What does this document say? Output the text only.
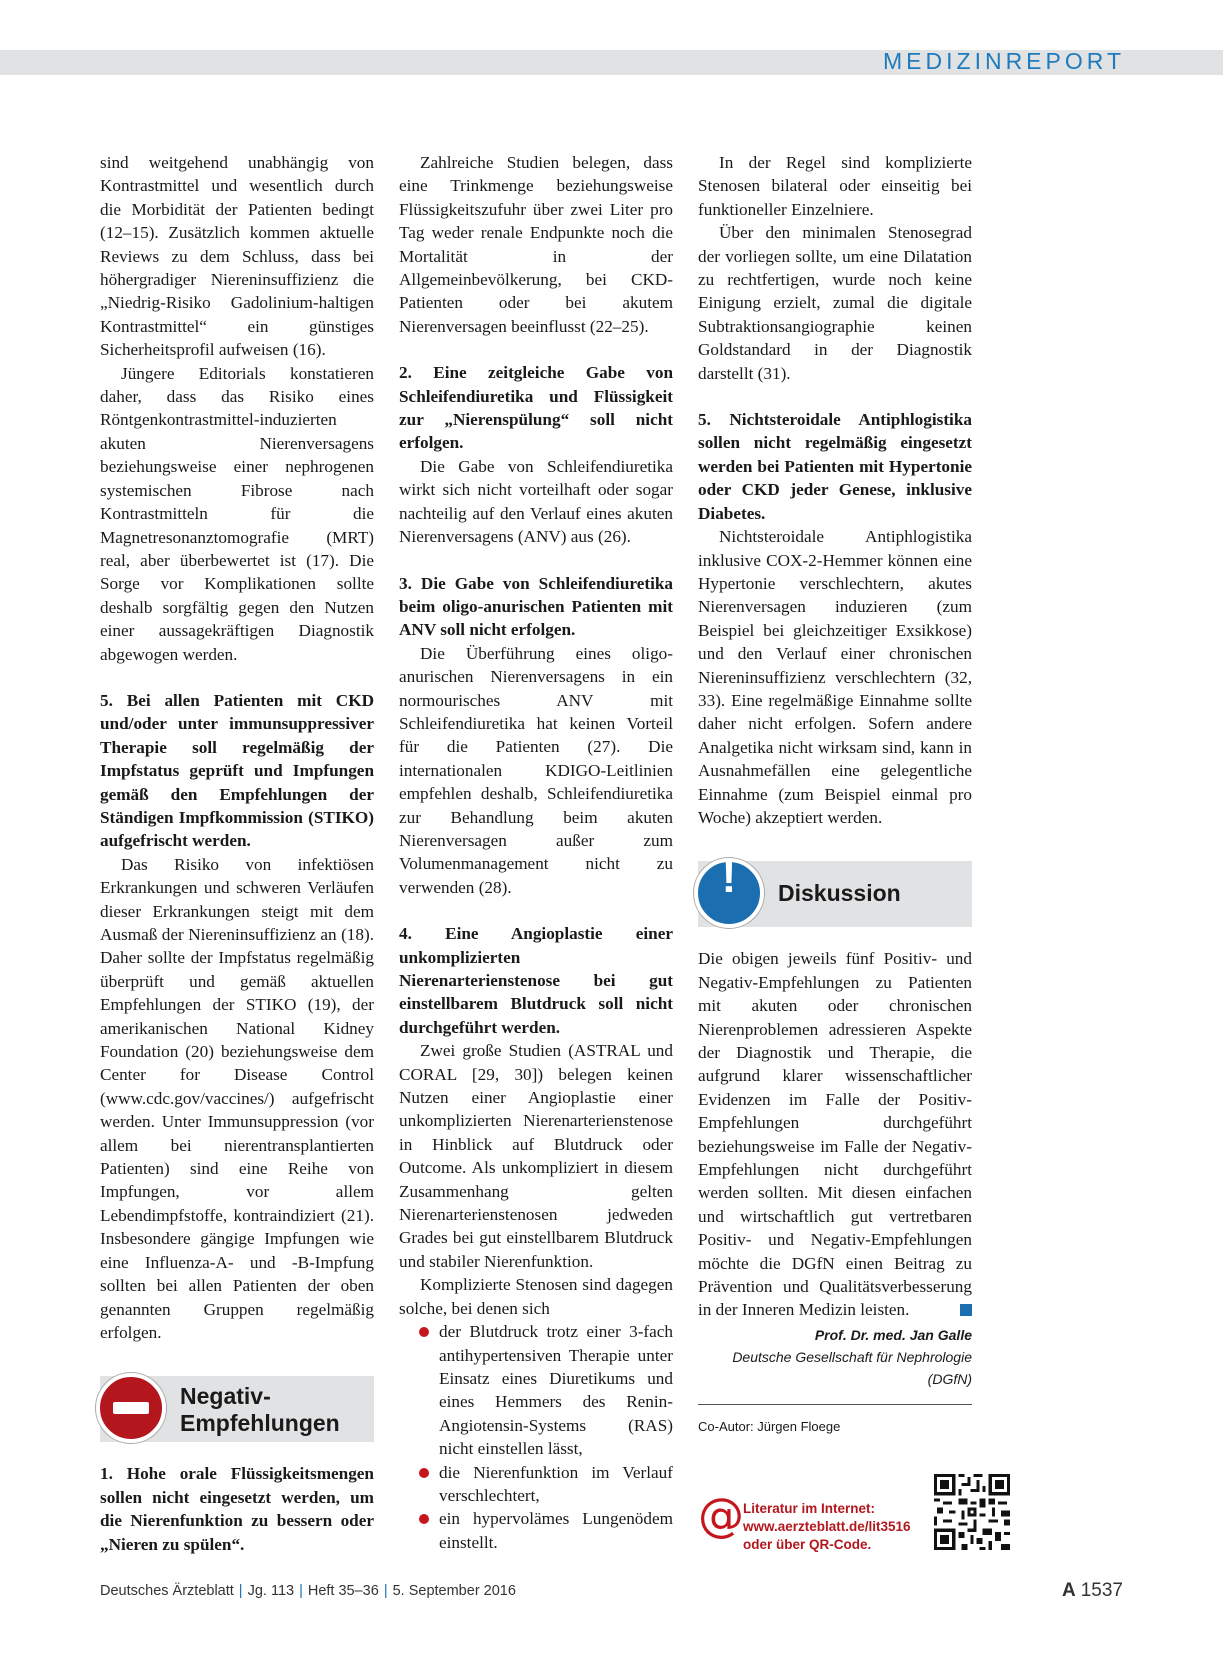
MEDIZINREPORT

sind weitgehend unabhängig von Kontrastmittel und wesentlich durch die Morbidität der Patienten bedingt (12–15). Zusätzlich kommen aktuelle Reviews zu dem Schluss, dass bei höhergradiger Niereninsuffizienz die „Niedrig-Risiko Gadolinium-haltigen Kontrastmittel“ ein günstiges Sicherheitsprofil aufweisen (16).

Jüngere Editorials konstatieren daher, dass das Risiko eines Röntgenkontrastmittel-induzierten akuten Nierenversagens beziehungsweise einer nephrogenen systemischen Fibrose nach Kontrastmitteln für die Magnetresonanztomografie (MRT) real, aber überbewertet ist (17). Die Sorge vor Komplikationen sollte deshalb sorgfältig gegen den Nutzen einer aussagekräftigen Diagnostik abgewogen werden.

5. Bei allen Patienten mit CKD und/oder unter immunsuppressiver Therapie soll regelmäßig der Impfstatus geprüft und Impfungen gemäß den Empfehlungen der Ständigen Impfkommission (STIKO) aufgefrischt werden.

Das Risiko von infektiösen Erkrankungen und schweren Verläufen dieser Erkrankungen steigt mit dem Ausmaß der Niereninsuffizienz an (18). Daher sollte der Impfstatus regelmäßig überprüft und gemäß aktuellen Empfehlungen der STIKO (19), der amerikanischen National Kidney Foundation (20) beziehungsweise dem Center for Disease Control (www.cdc.gov/vaccines/) aufgefrischt werden. Unter Immunsuppression (vor allem bei nierentransplantierten Patienten) sind eine Reihe von Impfungen, vor allem Lebendimpfstoffe, kontraindiziert (21). Insbesondere gängige Impfungen wie eine Influenza-A- und -B-Impfung sollten bei allen Patienten der oben genannten Gruppen regelmäßig erfolgen.

Negativ-
Empfehlungen

1. Hohe orale Flüssigkeitsmengen sollen nicht eingesetzt werden, um die Nierenfunktion zu bessern oder „Nieren zu spülen“.

Zahlreiche Studien belegen, dass eine Trinkmenge beziehungsweise Flüssigkeitszufuhr über zwei Liter pro Tag weder renale Endpunkte noch die Mortalität in der Allgemeinbevölkerung, bei CKD-Patienten oder bei akutem Nierenversagen beeinflusst (22–25).

2. Eine zeitgleiche Gabe von Schleifendiuretika und Flüssigkeit zur „Nierenspülung“ soll nicht erfolgen.

Die Gabe von Schleifendiuretika wirkt sich nicht vorteilhaft oder sogar nachteilig auf den Verlauf eines akuten Nierenversagens (ANV) aus (26).

3. Die Gabe von Schleifendiuretika beim oligo-anurischen Patienten mit ANV soll nicht erfolgen.

Die Überführung eines oligo-anurischen Nierenversagens in ein normourisches ANV mit Schleifendiuretika hat keinen Vorteil für die Patienten (27). Die internationalen KDIGO-Leitlinien empfehlen deshalb, Schleifendiuretika zur Behandlung beim akuten Nierenversagen außer zum Volumenmanagement nicht zu verwenden (28).

4. Eine Angioplastie einer unkomplizierten Nierenarterienstenose bei gut einstellbarem Blutdruck soll nicht durchgeführt werden.

Zwei große Studien (ASTRAL und CORAL [29, 30]) belegen keinen Nutzen einer Angioplastie einer unkomplizierten Nierenarterienstenose in Hinblick auf Blutdruck oder Outcome. Als unkompliziert in diesem Zusammenhang gelten Nierenarterienstenosen jedweden Grades bei gut einstellbarem Blutdruck und stabiler Nierenfunktion.

Komplizierte Stenosen sind dagegen solche, bei denen sich

der Blutdruck trotz einer 3-fach antihypertensiven Therapie unter Einsatz eines Diuretikums und eines Hemmers des Renin-Angiotensin-Systems (RAS) nicht einstellen lässt,
die Nierenfunktion im Verlauf verschlechtert,
ein hypervolämes Lungenödem einstellt.

In der Regel sind komplizierte Stenosen bilateral oder einseitig bei funktioneller Einzelniere.

Über den minimalen Stenosegrad der vorliegen sollte, um eine Dilatation zu rechtfertigen, wurde noch keine Einigung erzielt, zumal die digitale Subtraktionsangiographie keinen Goldstandard in der Diagnostik darstellt (31).

5. Nichtsteroidale Antiphlogistika sollen nicht regelmäßig eingesetzt werden bei Patienten mit Hypertonie oder CKD jeder Genese, inklusive Diabetes.

Nichtsteroidale Antiphlogistika inklusive COX-2-Hemmer können eine Hypertonie verschlechtern, akutes Nierenversagen induzieren (zum Beispiel bei gleichzeitiger Exsikkose) und den Verlauf einer chronischen Niereninsuffizienz verschlechtern (32, 33). Eine regelmäßige Einnahme sollte daher nicht erfolgen. Sofern andere Analgetika nicht wirksam sind, kann in Ausnahmefällen eine gelegentliche Einnahme (zum Beispiel einmal pro Woche) akzeptiert werden.

!	Diskussion

Die obigen jeweils fünf Positiv- und Negativ-Empfehlungen zu Patienten mit akuten oder chronischen Nierenproblemen adressieren Aspekte der Diagnostik und Therapie, die aufgrund klarer wissenschaftlicher Evidenzen im Falle der Positiv-Empfehlungen durchgeführt beziehungsweise im Falle der Negativ-Empfehlungen nicht durchgeführt werden sollten. Mit diesen einfachen und wirtschaftlich gut vertretbaren Positiv- und Negativ-Empfehlungen möchte die DGfN einen Beitrag zu Prävention und Qualitätsverbesserung in der Inneren Medizin leisten.

Prof. Dr. med. Jan Galle
Deutsche Gesellschaft für Nephrologie (DGfN)
Co-Autor: Jürgen Floege
@ Literatur im Internet:
www.aerzteblatt.de/lit3516
oder über QR-Code.
Deutsches Ärzteblatt | Jg. 113 | Heft 35–36 | 5. September 2016	A 1537
